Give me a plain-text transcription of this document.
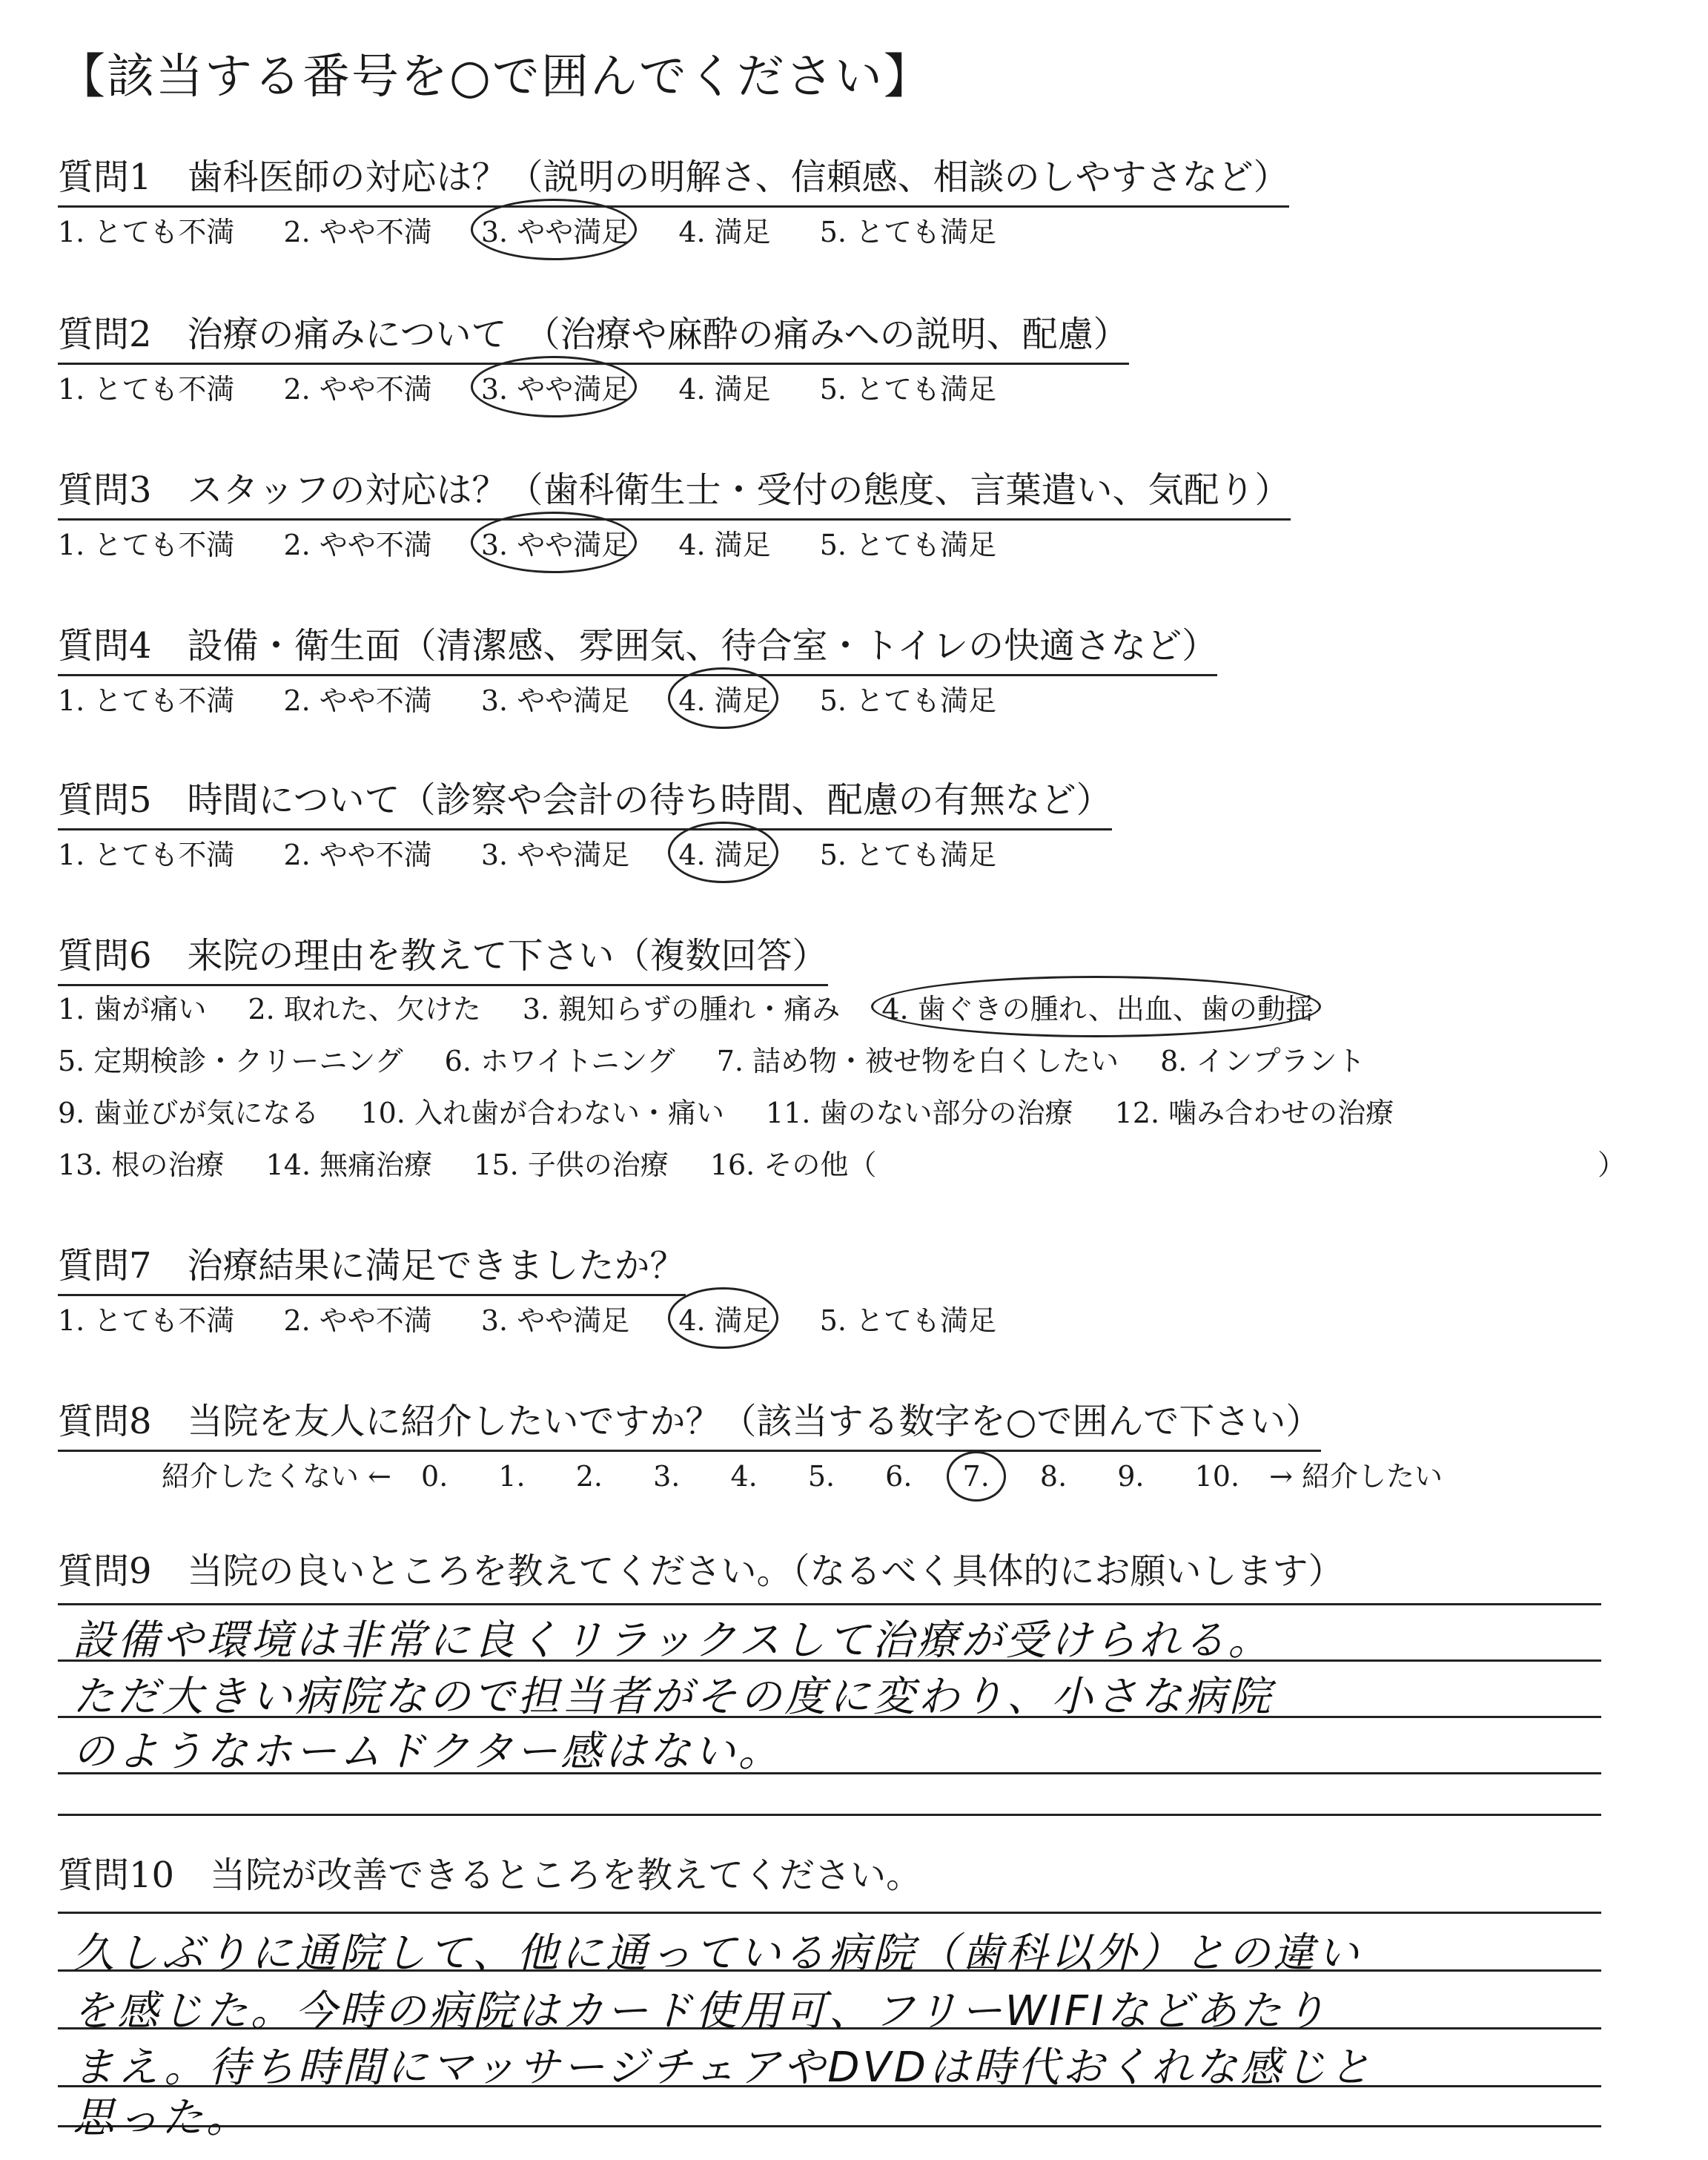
【該当する番号を○で囲んでください】
質問1　歯科医師の対応は？（説明の明解さ、信頼感、相談のしやすさなど）
1. とても不満 2. やや不満 3. やや満足 4. 満足 5. とても満足
質問2　治療の痛みについて　（治療や麻酔の痛みへの説明、配慮）
1. とても不満 2. やや不満 3. やや満足 4. 満足 5. とても満足
質問3　スタッフの対応は？（歯科衛生士・受付の態度、言葉遣い、気配り）
1. とても不満 2. やや不満 3. やや満足 4. 満足 5. とても満足
質問4　設備・衛生面（清潔感、雰囲気、待合室・トイレの快適さなど）
1. とても不満 2. やや不満 3. やや満足 4. 満足 5. とても満足
質問5　時間について（診察や会計の待ち時間、配慮の有無など）
1. とても不満 2. やや不満 3. やや満足 4. 満足 5. とても満足
質問6　来院の理由を教えて下さい（複数回答）
1. 歯が痛い 2. 取れた、欠けた 3. 親知らずの腫れ・痛み 4. 歯ぐきの腫れ、出血、歯の動揺
5. 定期検診・クリーニング 6. ホワイトニング 7. 詰め物・被せ物を白くしたい 8. インプラント
9. 歯並びが気になる 10. 入れ歯が合わない・痛い 11. 歯のない部分の治療 12. 噛み合わせの治療
13. 根の治療 14. 無痛治療 15. 子供の治療 16. その他（	）
質問7　治療結果に満足できましたか？
1. とても不満 2. やや不満 3. やや満足 4. 満足 5. とても満足
質問8　当院を友人に紹介したいですか？（該当する数字を○で囲んで下さい）
紹介したくない ← 0. 1. 2. 3. 4. 5. 6. 7. 8. 9. 10. → 紹介したい
質問9　当院の良いところを教えてください。（なるべく具体的にお願いします）
設備や環境は非常に良くリラックスして治療が受けられる。
ただ大きい病院なので担当者がその度に変わり、小さな病院
のようなホームドクター感はない。
質問10　当院が改善できるところを教えてください。
久しぶりに通院して、他に通っている病院（歯科以外）との違い
を感じた。今時の病院はカード使用可、フリーWIFIなどあたり
まえ。待ち時間にマッサージチェアやDVDは時代おくれな感じと
思った。
